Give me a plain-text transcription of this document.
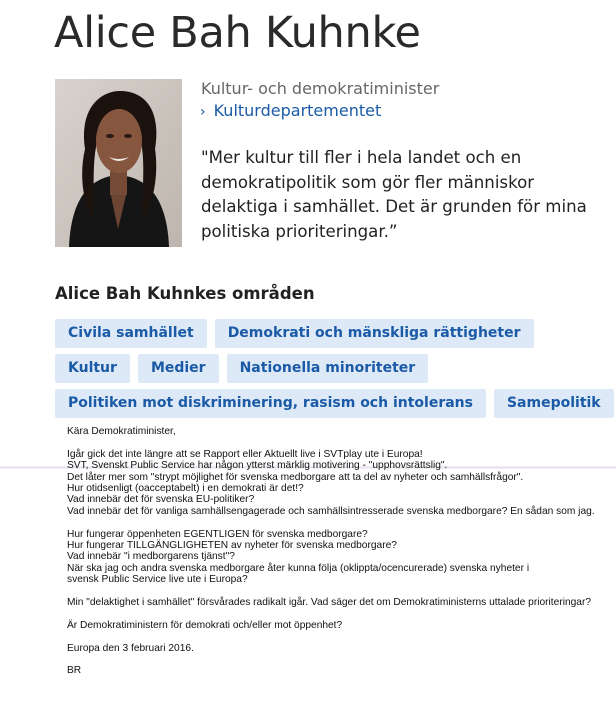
Alice Bah Kuhnke
Kultur- och demokratiminister
› Kulturdepartementet
"Mer kultur till fler i hela landet och en demokratipolitik som gör fler människor delaktiga i samhället. Det är grunden för mina politiska prioriteringar.”
Alice Bah Kuhnkes områden
Civila samhället	Demokrati och mänskliga rättigheter
Kultur	Medier	Nationella minoriteter
Politiken mot diskriminering, rasism och intolerans	Samepolitik

Kära Demokratiminister,

Igår gick det inte längre att se Rapport eller Aktuellt live i SVTplay ute i Europa!

SVT, Svenskt Public Service har någon ytterst märklig motivering - "upphovsrättslig".

Det låter mer som "strypt möjlighet för svenska medborgare att ta del av nyheter och samhällsfrågor".

Hur otidsenligt (oacceptabelt) i en demokrati är det!?

Vad innebär det för svenska EU-politiker?

Vad innebär det för vanliga samhällsengagerade och samhällsintresserade svenska medborgare? En sådan som jag.

Hur fungerar öppenheten EGENTLIGEN för svenska medborgare?

Hur fungerar TILLGÄNGLIGHETEN av nyheter för svenska medborgare?

Vad innebär "i medborgarens tjänst"?

När ska jag och andra svenska medborgare åter kunna följa (oklippta/ocencurerade) svenska nyheter i

svensk Public Service live ute i Europa?

Min "delaktighet i samhället" försvårades radikalt igår. Vad säger det om Demokratiministerns uttalade prioriteringar?

Är Demokratiministern för demokrati och/eller mot öppenhet?

Europa den 3 februari 2016.

BR
